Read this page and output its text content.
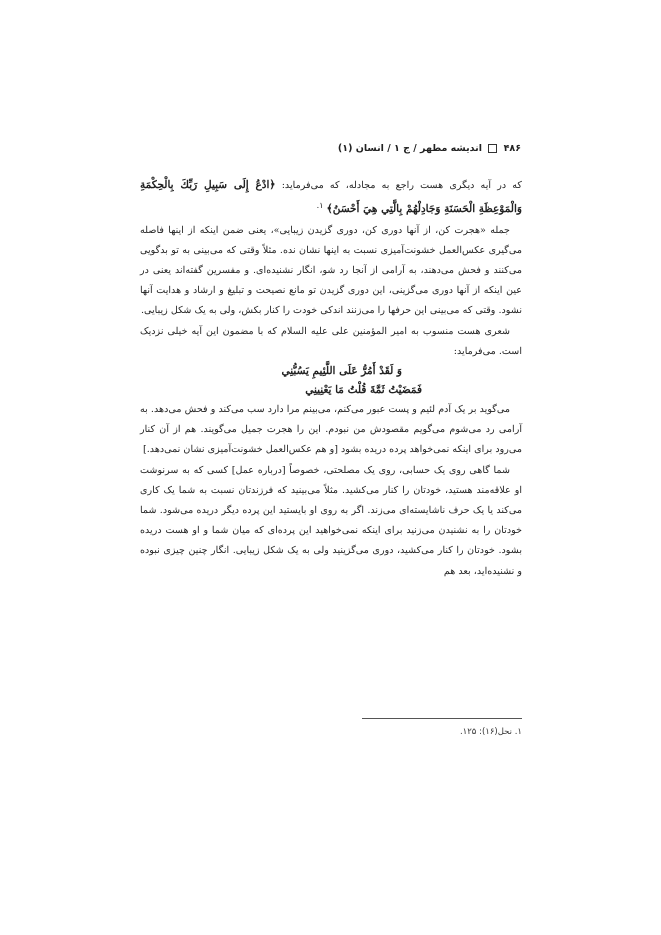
۴۸۶  اندیشه مطهر / ج ۱ / انسان (۱)

که در آیه دیگری هست راجع به مجادله، که می‌فرماید: ﴿ادْعُ إِلَى سَبِيلِ رَبِّكَ بِالْحِكْمَةِ وَالْمَوْعِظَةِ الْحَسَنَةِ وَجَادِلْهُمْ بِالَّتِي هِيَ أَحْسَنُ﴾ $^{۱.}$

جمله «هجرت کن، از آنها دوری کن، دوری گزیدن زیبایی»، یعنی ضمن اینکه از اینها فاصله می‌گیری عکس‌العمل خشونت‌آمیزی نسبت به اینها نشان نده. مثلاً وقتی که می‌بینی به تو بدگویی می‌کنند و فحش می‌دهند، به آرامی از آنجا رد شو، انگار نشنیده‌ای. و مفسرین گفته‌اند یعنی در عین اینکه از آنها دوری می‌گزینی، این دوری گزیدن تو مانع نصیحت و تبلیغ و ارشاد و هدایت آنها نشود. وقتی که می‌بینی این حرفها را می‌زنند اندکی خودت را کنار بکش، ولی به یک شکل زیبایی.

شعری هست منسوب به امیر المؤمنین علی علیه السلام که با مضمون این آیه خیلی نزدیک است. می‌فرماید:

وَ لَقَدْ أَمُرُّ عَلَى اللَّئِيمِ يَسُبُّنِي
فَمَضَيْتُ ثَمَّةَ قُلْتُ مَا يَعْنِينِي

می‌گوید بر یک آدم لئیم و پست عبور می‌کنم، می‌بینم مرا دارد سب می‌کند و فحش می‌دهد. به آرامی رد می‌شوم می‌گویم مقصودش من نبودم. این را هجرت جمیل می‌گویند. هم از آن کنار می‌رود برای اینکه نمی‌خواهد پرده دریده بشود [و هم عکس‌العمل خشونت‌آمیزی نشان نمی‌دهد.]

شما گاهی روی یک حسابی، روی یک مصلحتی، خصوصاً [درباره عمل] کسی که به سرنوشت او علاقه‌مند هستید، خودتان را کنار می‌کشید. مثلاً می‌بینید که فرزندتان نسبت به شما یک کاری می‌کند یا یک حرف ناشایسته‌ای می‌زند. اگر به روی او بایستید این پرده دیگر دریده می‌شود. شما خودتان را به نشنیدن می‌زنید برای اینکه نمی‌خواهید این پرده‌ای که میان شما و او هست دریده بشود. خودتان را کنار می‌کشید، دوری می‌گزینید ولی به یک شکل زیبایی. انگار چنین چیزی نبوده و نشنیده‌اید، بعد هم

۱. نحل(۱۶): ۱۲۵.
